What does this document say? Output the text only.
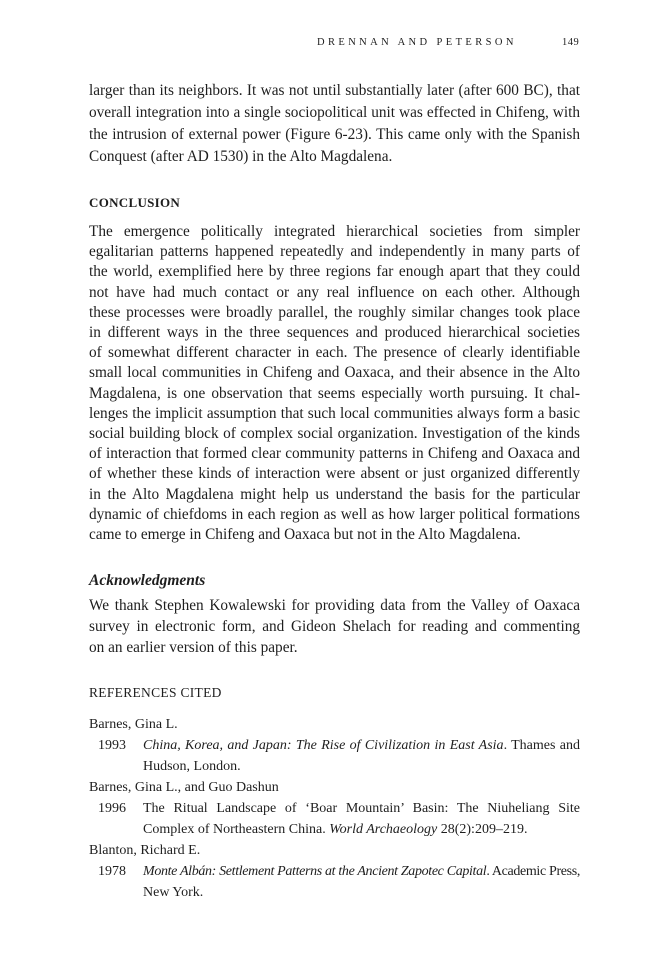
DRENNAN AND PETERSON	149

larger than its neighbors. It was not until substantially later (after 600 BC), that
overall integration into a single sociopolitical unit was effected in Chifeng, with
the intrusion of external power (Figure 6-23). This came only with the Spanish
Conquest (after AD 1530) in the Alto Magdalena.

CONCLUSION

The emergence politically integrated hierarchical societies from simpler
egalitarian patterns happened repeatedly and independently in many parts of
the world, exemplified here by three regions far enough apart that they could
not have had much contact or any real influence on each other. Although
these processes were broadly parallel, the roughly similar changes took place
in different ways in the three sequences and produced hierarchical societies
of somewhat different character in each. The presence of clearly identifiable
small local communities in Chifeng and Oaxaca, and their absence in the Alto
Magdalena, is one observation that seems especially worth pursuing. It chal-
lenges the implicit assumption that such local communities always form a basic
social building block of complex social organization. Investigation of the kinds
of interaction that formed clear community patterns in Chifeng and Oaxaca and
of whether these kinds of interaction were absent or just organized differently
in the Alto Magdalena might help us understand the basis for the particular
dynamic of chiefdoms in each region as well as how larger political formations
came to emerge in Chifeng and Oaxaca but not in the Alto Magdalena.

Acknowledgments

We thank Stephen Kowalewski for providing data from the Valley of Oaxaca
survey in electronic form, and Gideon Shelach for reading and commenting
on an earlier version of this paper.

REFERENCES CITED
Barnes, Gina L.
1993 China, Korea, and Japan: The Rise of Civilization in East Asia. Thames and
Hudson, London.
Barnes, Gina L., and Guo Dashun
1996 The Ritual Landscape of ‘Boar Mountain’ Basin: The Niuheliang Site
Complex of Northeastern China. World Archaeology 28(2):209–219.
Blanton, Richard E.
1978 Monte Albán: Settlement Patterns at the Ancient Zapotec Capital. Academic Press,
New York.
